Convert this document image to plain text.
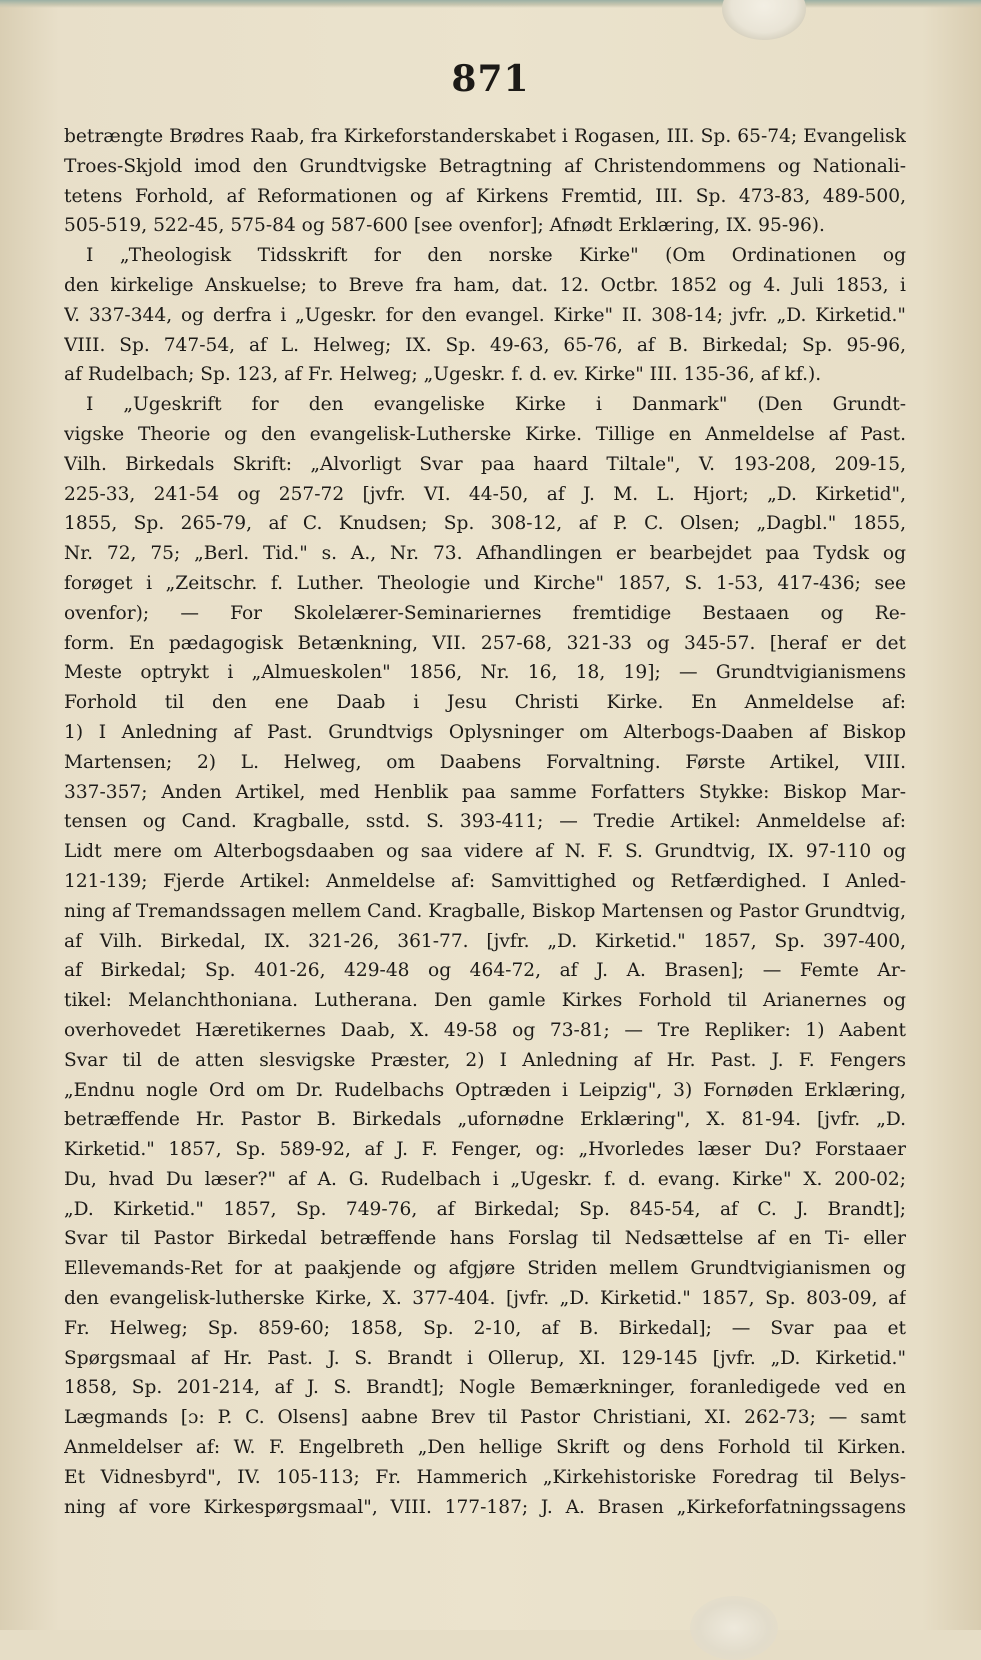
871
betrængte Brødres Raab, fra Kirkeforstanderskabet i Rogasen, III. Sp. 65-74; Evangelisk
Troes-Skjold imod den Grundtvigske Betragtning af Christendommens og Nationali-
tetens Forhold, af Reformationen og af Kirkens Fremtid, III. Sp. 473-83, 489-500,
505-519, 522-45, 575-84 og 587-600 [see ovenfor]; Afnødt Erklæring, IX. 95-96).
I „Theologisk Tidsskrift for den norske Kirke" (Om Ordinationen og
den kirkelige Anskuelse; to Breve fra ham, dat. 12. Octbr. 1852 og 4. Juli 1853, i
V. 337-344, og derfra i „Ugeskr. for den evangel. Kirke" II. 308-14; jvfr. „D. Kirketid."
VIII. Sp. 747-54, af L. Helweg; IX. Sp. 49-63, 65-76, af B. Birkedal; Sp. 95-96,
af Rudelbach; Sp. 123, af Fr. Helweg; „Ugeskr. f. d. ev. Kirke" III. 135-36, af kf.).
I „Ugeskrift for den evangeliske Kirke i Danmark" (Den Grundt-
vigske Theorie og den evangelisk-Lutherske Kirke. Tillige en Anmeldelse af Past.
Vilh. Birkedals Skrift: „Alvorligt Svar paa haard Tiltale", V. 193-208, 209-15,
225-33, 241-54 og 257-72 [jvfr. VI. 44-50, af J. M. L. Hjort; „D. Kirketid",
1855, Sp. 265-79, af C. Knudsen; Sp. 308-12, af P. C. Olsen; „Dagbl." 1855,
Nr. 72, 75; „Berl. Tid." s. A., Nr. 73. Afhandlingen er bearbejdet paa Tydsk og
forøget i „Zeitschr. f. Luther. Theologie und Kirche" 1857, S. 1-53, 417-436; see
ovenfor); — For Skolelærer-Seminariernes fremtidige Bestaaen og Re-
form. En pædagogisk Betænkning, VII. 257-68, 321-33 og 345-57. [heraf er det
Meste optrykt i „Almueskolen" 1856, Nr. 16, 18, 19]; — Grundtvigianismens
Forhold til den ene Daab i Jesu Christi Kirke. En Anmeldelse af:
1) I Anledning af Past. Grundtvigs Oplysninger om Alterbogs-Daaben af Biskop
Martensen; 2) L. Helweg, om Daabens Forvaltning. Første Artikel, VIII.
337-357; Anden Artikel, med Henblik paa samme Forfatters Stykke: Biskop Mar-
tensen og Cand. Kragballe, sstd. S. 393-411; — Tredie Artikel: Anmeldelse af:
Lidt mere om Alterbogsdaaben og saa videre af N. F. S. Grundtvig, IX. 97-110 og
121-139; Fjerde Artikel: Anmeldelse af: Samvittighed og Retfærdighed. I Anled-
ning af Tremandssagen mellem Cand. Kragballe, Biskop Martensen og Pastor Grundtvig,
af Vilh. Birkedal, IX. 321-26, 361-77. [jvfr. „D. Kirketid." 1857, Sp. 397-400,
af Birkedal; Sp. 401-26, 429-48 og 464-72, af J. A. Brasen]; — Femte Ar-
tikel: Melanchthoniana. Lutherana. Den gamle Kirkes Forhold til Arianernes og
overhovedet Hæretikernes Daab, X. 49-58 og 73-81; — Tre Repliker: 1) Aabent
Svar til de atten slesvigske Præster, 2) I Anledning af Hr. Past. J. F. Fengers
„Endnu nogle Ord om Dr. Rudelbachs Optræden i Leipzig", 3) Fornøden Erklæring,
betræffende Hr. Pastor B. Birkedals „ufornødne Erklæring", X. 81-94. [jvfr. „D.
Kirketid." 1857, Sp. 589-92, af J. F. Fenger, og: „Hvorledes læser Du? Forstaaer
Du, hvad Du læser?" af A. G. Rudelbach i „Ugeskr. f. d. evang. Kirke" X. 200-02;
„D. Kirketid." 1857, Sp. 749-76, af Birkedal; Sp. 845-54, af C. J. Brandt];
Svar til Pastor Birkedal betræffende hans Forslag til Nedsættelse af en Ti- eller
Ellevemands-Ret for at paakjende og afgjøre Striden mellem Grundtvigianismen og
den evangelisk-lutherske Kirke, X. 377-404. [jvfr. „D. Kirketid." 1857, Sp. 803-09, af
Fr. Helweg; Sp. 859-60; 1858, Sp. 2-10, af B. Birkedal]; — Svar paa et
Spørgsmaal af Hr. Past. J. S. Brandt i Ollerup, XI. 129-145 [jvfr. „D. Kirketid."
1858, Sp. 201-214, af J. S. Brandt]; Nogle Bemærkninger, foranledigede ved en
Lægmands [ɔ: P. C. Olsens] aabne Brev til Pastor Christiani, XI. 262-73; — samt
Anmeldelser af: W. F. Engelbreth „Den hellige Skrift og dens Forhold til Kirken.
Et Vidnesbyrd", IV. 105-113; Fr. Hammerich „Kirkehistoriske Foredrag til Belys-
ning af vore Kirkespørgsmaal", VIII. 177-187; J. A. Brasen „Kirkeforfatningssagens
